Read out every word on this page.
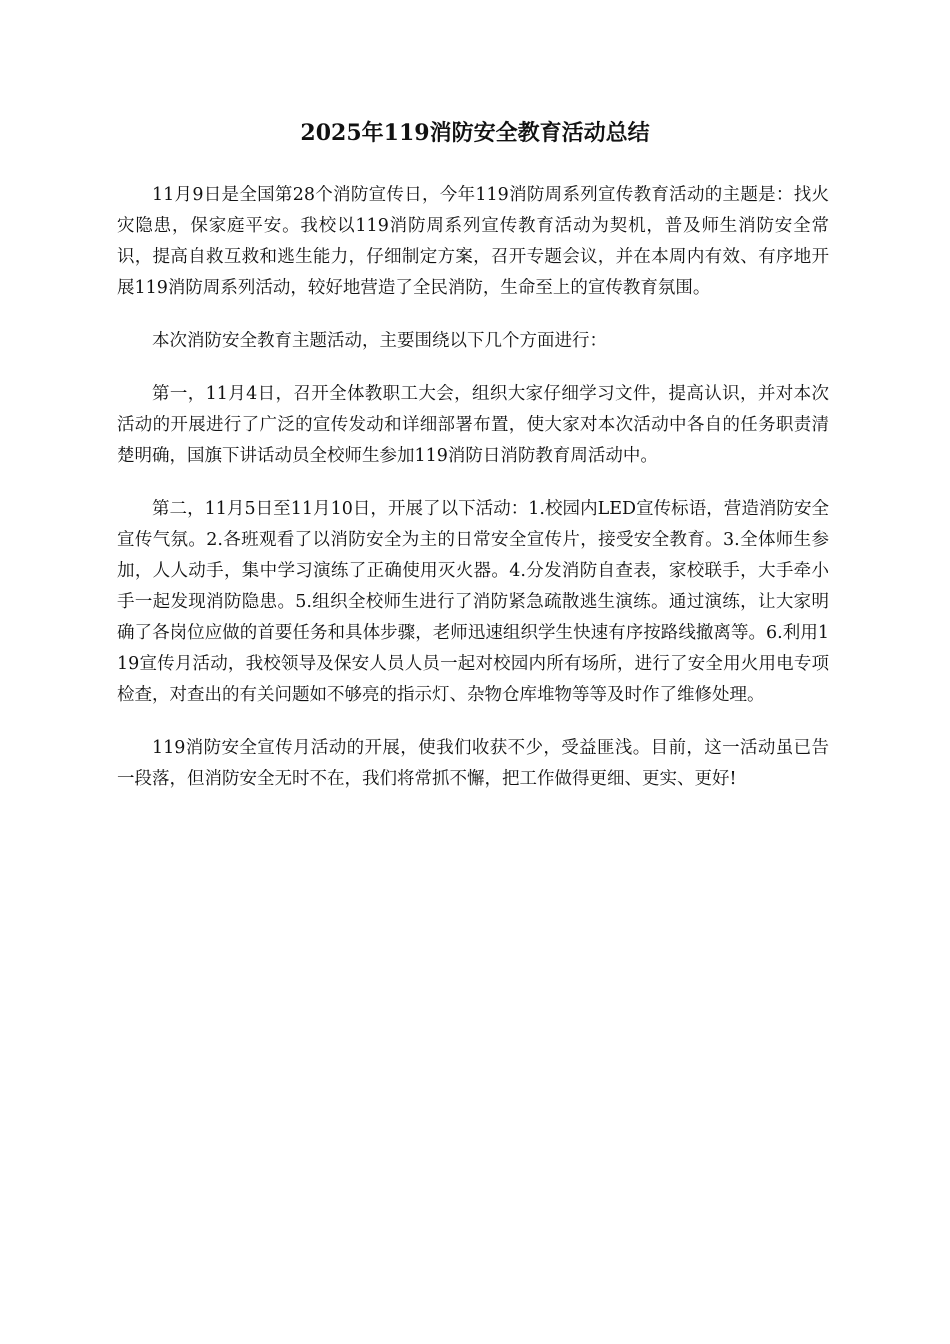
2025年119消防安全教育活动总结

11月9日是全国第28个消防宣传日，今年119消防周系列宣传教育活动的主题是：找火灾隐患，保家庭平安。我校以119消防周系列宣传教育活动为契机，普及师生消防安全常识，提高自救互救和逃生能力，仔细制定方案，召开专题会议，并在本周内有效、有序地开展119消防周系列活动，较好地营造了全民消防，生命至上的宣传教育氛围。

本次消防安全教育主题活动，主要围绕以下几个方面进行：

第一，11月4日，召开全体教职工大会，组织大家仔细学习文件，提高认识，并对本次活动的开展进行了广泛的宣传发动和详细部署布置，使大家对本次活动中各自的任务职责清楚明确，国旗下讲话动员全校师生参加119消防日消防教育周活动中。

第二，11月5日至11月10日，开展了以下活动：1.校园内LED宣传标语，营造消防安全宣传气氛。2.各班观看了以消防安全为主的日常安全宣传片，接受安全教育。3.全体师生参加，人人动手，集中学习演练了正确使用灭火器。4.分发消防自查表，家校联手，大手牵小手一起发现消防隐患。5.组织全校师生进行了消防紧急疏散逃生演练。通过演练，让大家明确了各岗位应做的首要任务和具体步骤，老师迅速组织学生快速有序按路线撤离等。6.利用119宣传月活动，我校领导及保安人员人员一起对校园内所有场所，进行了安全用火用电专项检查，对查出的有关问题如不够亮的指示灯、杂物仓库堆物等等及时作了维修处理。

119消防安全宣传月活动的开展，使我们收获不少，受益匪浅。目前，这一活动虽已告一段落，但消防安全无时不在，我们将常抓不懈，把工作做得更细、更实、更好!
